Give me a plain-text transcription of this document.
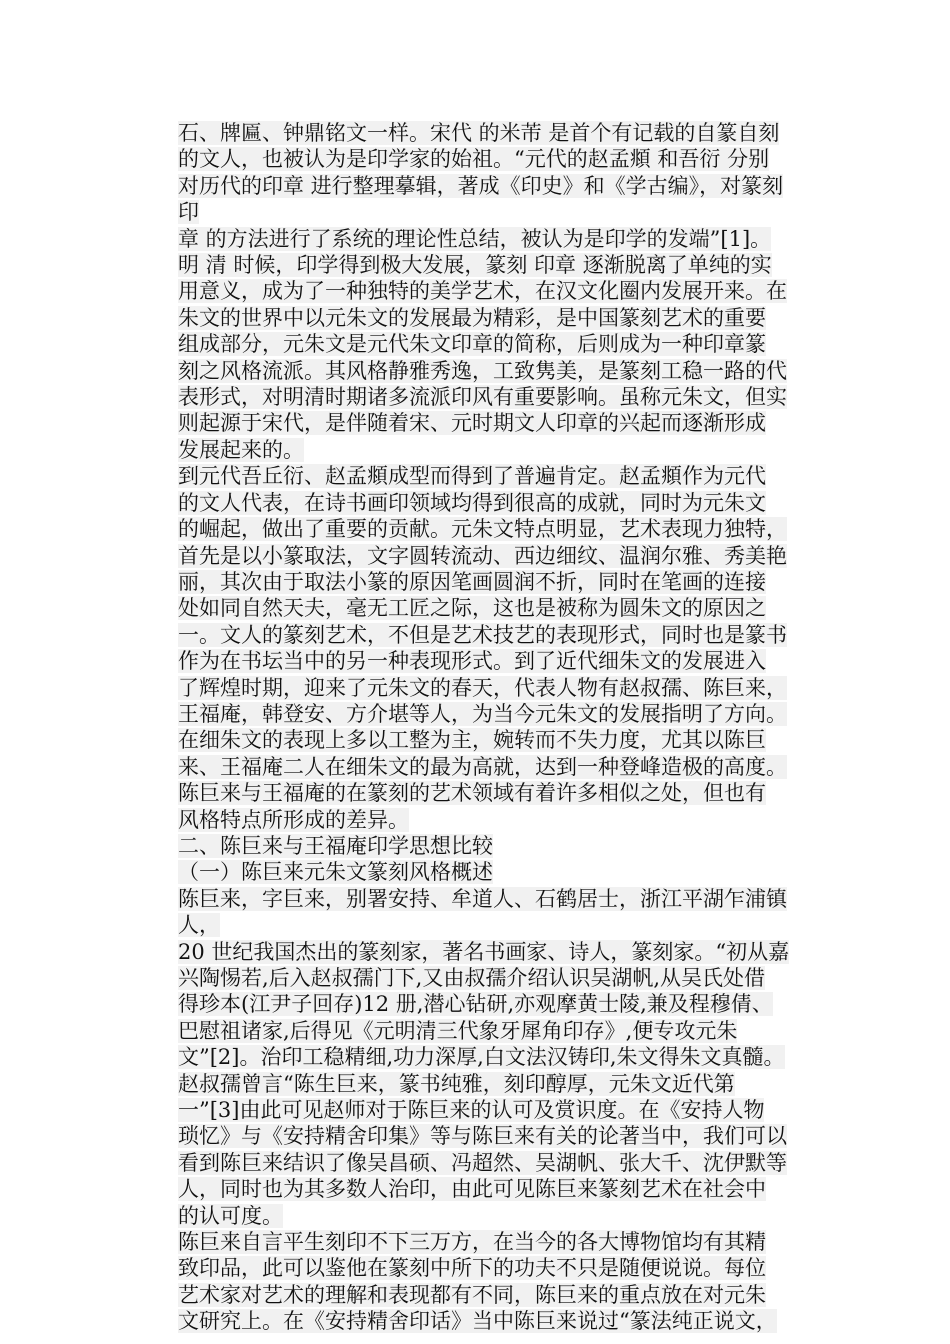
石、牌匾、钟鼎铭文一样。宋代 的米芾 是首个有记载的自篆自刻
的文人，也被认为是印学家的始祖。“元代的赵孟頫 和吾衍 分别
对历代的印章 进行整理摹辑，著成《印史》和《学古编》，对篆刻 印
章 的方法进行了系统的理论性总结，被认为是印学的发端”[1]。
明 清 时候，印学得到极大发展，篆刻 印章 逐渐脱离了单纯的实
用意义，成为了一种独特的美学艺术，在汉文化圈内发展开来。在
朱文的世界中以元朱文的发展最为精彩，是中国篆刻艺术的重要
组成部分，元朱文是元代朱文印章的简称，后则成为一种印章篆
刻之风格流派。其风格静雅秀逸，工致隽美，是篆刻工稳一路的代
表形式，对明清时期诸多流派印风有重要影响。虽称元朱文，但实
则起源于宋代，是伴随着宋、元时期文人印章的兴起而逐渐形成
发展起来的。
到元代吾丘衍、赵孟頫成型而得到了普遍肯定。赵孟頫作为元代
的文人代表，在诗书画印领域均得到很高的成就，同时为元朱文
的崛起，做出了重要的贡献。元朱文特点明显，艺术表现力独特，
首先是以小篆取法，文字圆转流动、西边细纹、温润尔雅、秀美艳
丽，其次由于取法小篆的原因笔画圆润不折，同时在笔画的连接
处如同自然天夫，毫无工匠之际，这也是被称为圆朱文的原因之
一。文人的篆刻艺术，不但是艺术技艺的表现形式，同时也是篆书
作为在书坛当中的另一种表现形式。到了近代细朱文的发展进入
了辉煌时期，迎来了元朱文的春天，代表人物有赵叔孺、陈巨来，
王福庵，韩登安、方介堪等人，为当今元朱文的发展指明了方向。
在细朱文的表现上多以工整为主，婉转而不失力度，尤其以陈巨
来、王福庵二人在细朱文的最为高就，达到一种登峰造极的高度。
陈巨来与王福庵的在篆刻的艺术领域有着许多相似之处，但也有
风格特点所形成的差异。
二、陈巨来与王福庵印学思想比较
（一）陈巨来元朱文篆刻风格概述
陈巨来，字巨来，别署安持、牟道人、石鹤居士，浙江平湖乍浦镇人，
20 世纪我国杰出的篆刻家，著名书画家、诗人，篆刻家。“初从嘉
兴陶惕若,后入赵叔孺门下,又由叔孺介绍认识吴湖帆,从吴氏处借
得珍本(江尹子回存)12 册,潜心钻研,亦观摩黄士陵,兼及程穆倩、
巴慰祖诸家,后得见《元明清三代象牙犀角印存》,便专攻元朱
文”[2]。治印工稳精细,功力深厚,白文法汉铸印,朱文得朱文真髓。
赵叔孺曾言“陈生巨来，篆书纯雅，刻印醇厚，元朱文近代第
一”[3]由此可见赵师对于陈巨来的认可及赏识度。在《安持人物
琐忆》与《安持精舍印集》等与陈巨来有关的论著当中，我们可以
看到陈巨来结识了像吴昌硕、冯超然、吴湖帆、张大千、沈伊默等
人，同时也为其多数人治印，由此可见陈巨来篆刻艺术在社会中
的认可度。
陈巨来自言平生刻印不下三万方，在当今的各大博物馆均有其精
致印品，此可以鉴他在篆刻中所下的功夫不只是随便说说。每位
艺术家对艺术的理解和表现都有不同，陈巨来的重点放在对元朱
文研究上。在《安持精舍印话》当中陈巨来说过“篆法纯正说文，
